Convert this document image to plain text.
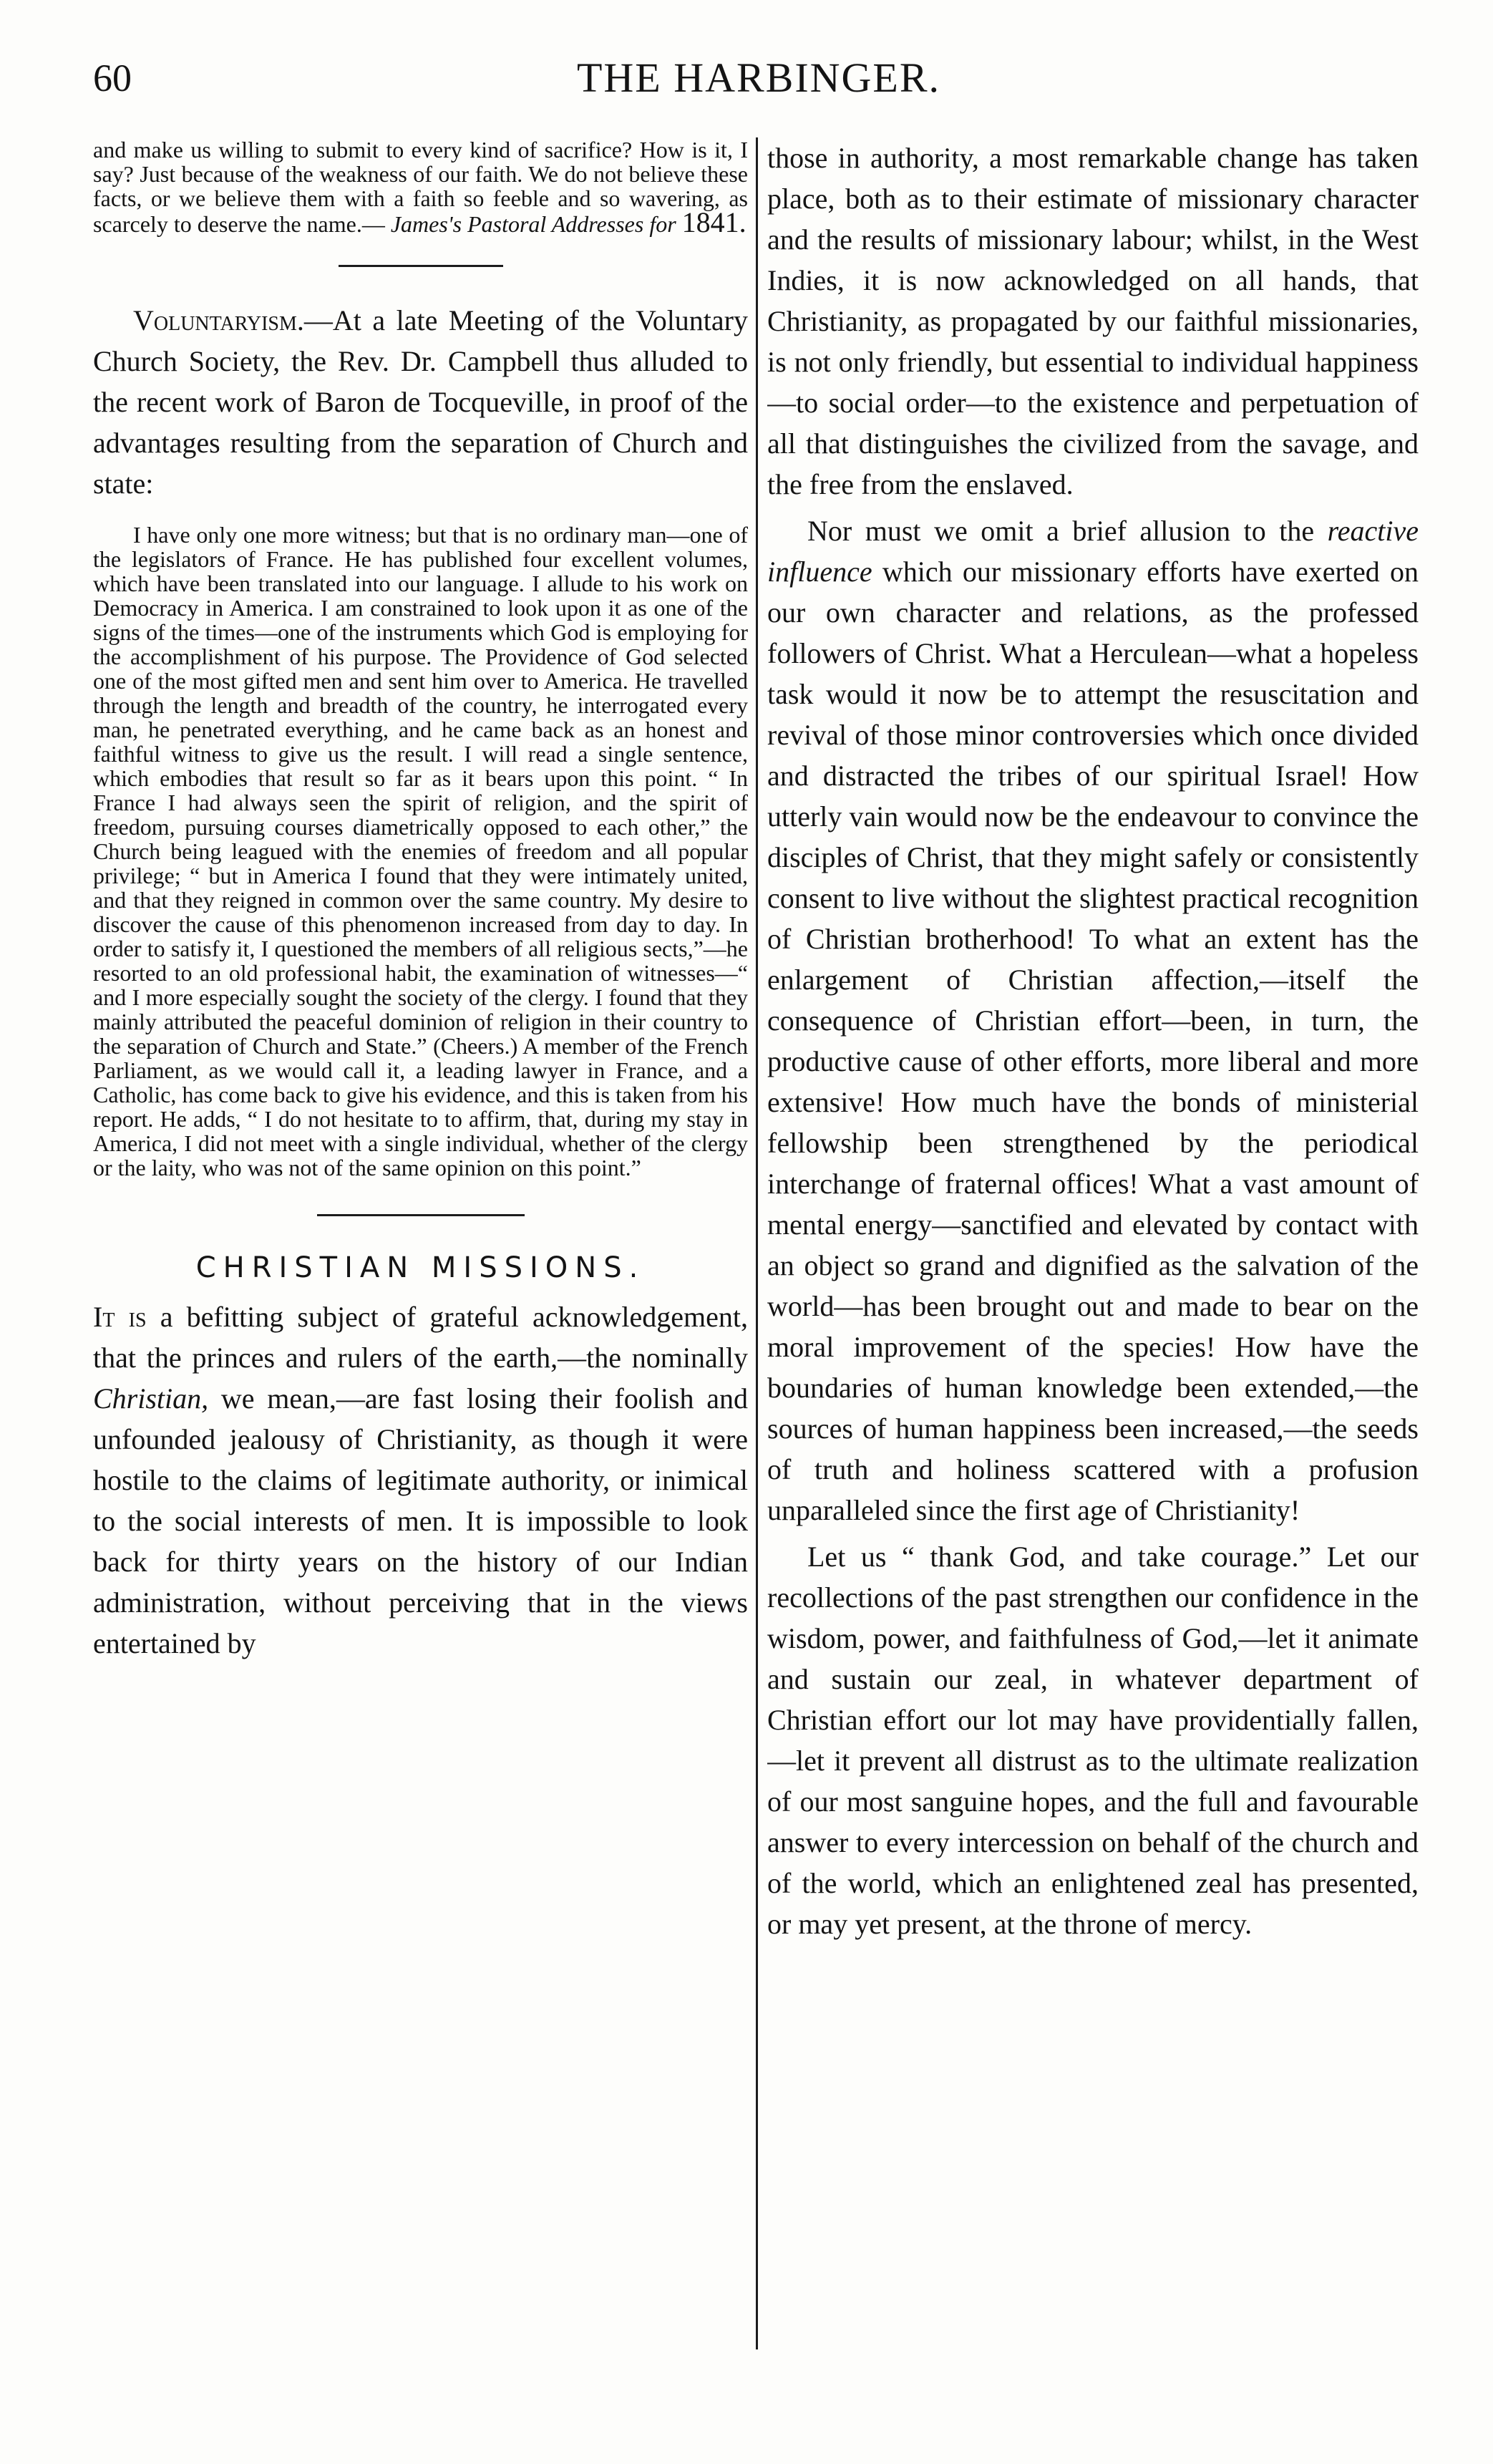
60	THE HARBINGER.

and make us willing to submit to every kind of sacrifice? How is it, I say? Just because of the weakness of our faith. We do not believe these facts, or we believe them with a faith so feeble and so wavering, as scarcely to deserve the name.— James's Pastoral Addresses for 1841.

Voluntaryism.—At a late Meeting of the Voluntary Church Society, the Rev. Dr. Campbell thus alluded to the recent work of Baron de Tocqueville, in proof of the advantages resulting from the separation of Church and state:

I have only one more witness; but that is no ordinary man—one of the legislators of France. He has published four excellent volumes, which have been translated into our language. I allude to his work on Democracy in America. I am constrained to look upon it as one of the signs of the times—one of the instruments which God is employing for the accomplishment of his purpose. The Providence of God selected one of the most gifted men and sent him over to America. He travelled through the length and breadth of the country, he interrogated every man, he penetrated everything, and he came back as an honest and faithful witness to give us the result. I will read a single sentence, which embodies that result so far as it bears upon this point. “ In France I had always seen the spirit of religion, and the spirit of freedom, pursuing courses diametrically opposed to each other,” the Church being leagued with the enemies of freedom and all popular privilege; “ but in America I found that they were intimately united, and that they reigned in common over the same country. My desire to discover the cause of this phenomenon increased from day to day. In order to satisfy it, I questioned the members of all religious sects,”—he resorted to an old professional habit, the examination of witnesses—“ and I more especially sought the society of the clergy. I found that they mainly attributed the peaceful dominion of religion in their country to the separation of Church and State.” (Cheers.) A member of the French Parliament, as we would call it, a leading lawyer in France, and a Catholic, has come back to give his evidence, and this is taken from his report. He adds, “ I do not hesitate to to affirm, that, during my stay in America, I did not meet with a single individual, whether of the clergy or the laity, who was not of the same opinion on this point.”

CHRISTIAN MISSIONS.

It is a befitting subject of grateful acknowledgement, that the princes and rulers of the earth,—the nominally Christian, we mean,—are fast losing their foolish and unfounded jealousy of Christianity, as though it were hostile to the claims of legitimate authority, or inimical to the social interests of men. It is impossible to look back for thirty years on the history of our Indian administration, without perceiving that in the views entertained by

those in authority, a most remarkable change has taken place, both as to their estimate of missionary character and the results of missionary labour; whilst, in the West Indies, it is now acknowledged on all hands, that Christianity, as propagated by our faithful missionaries, is not only friendly, but essential to individual happiness—to social order—to the existence and perpetuation of all that distinguishes the civilized from the savage, and the free from the enslaved.

Nor must we omit a brief allusion to the reactive influence which our missionary efforts have exerted on our own character and relations, as the professed followers of Christ. What a Herculean—what a hopeless task would it now be to attempt the resuscitation and revival of those minor controversies which once divided and distracted the tribes of our spiritual Israel! How utterly vain would now be the endeavour to convince the disciples of Christ, that they might safely or consistently consent to live without the slightest practical recognition of Christian brotherhood! To what an extent has the enlargement of Christian affection,—itself the consequence of Christian effort—been, in turn, the productive cause of other efforts, more liberal and more extensive! How much have the bonds of ministerial fellowship been strengthened by the periodical interchange of fraternal offices! What a vast amount of mental energy—sanctified and elevated by contact with an object so grand and dignified as the salvation of the world—has been brought out and made to bear on the moral improvement of the species! How have the boundaries of human knowledge been extended,—the sources of human happiness been increased,—the seeds of truth and holiness scattered with a profusion unparalleled since the first age of Christianity!

Let us “ thank God, and take courage.” Let our recollections of the past strengthen our confidence in the wisdom, power, and faithfulness of God,—let it animate and sustain our zeal, in whatever department of Christian effort our lot may have providentially fallen,—let it prevent all distrust as to the ultimate realization of our most sanguine hopes, and the full and favourable answer to every intercession on behalf of the church and of the world, which an enlightened zeal has presented, or may yet present, at the throne of mercy.
